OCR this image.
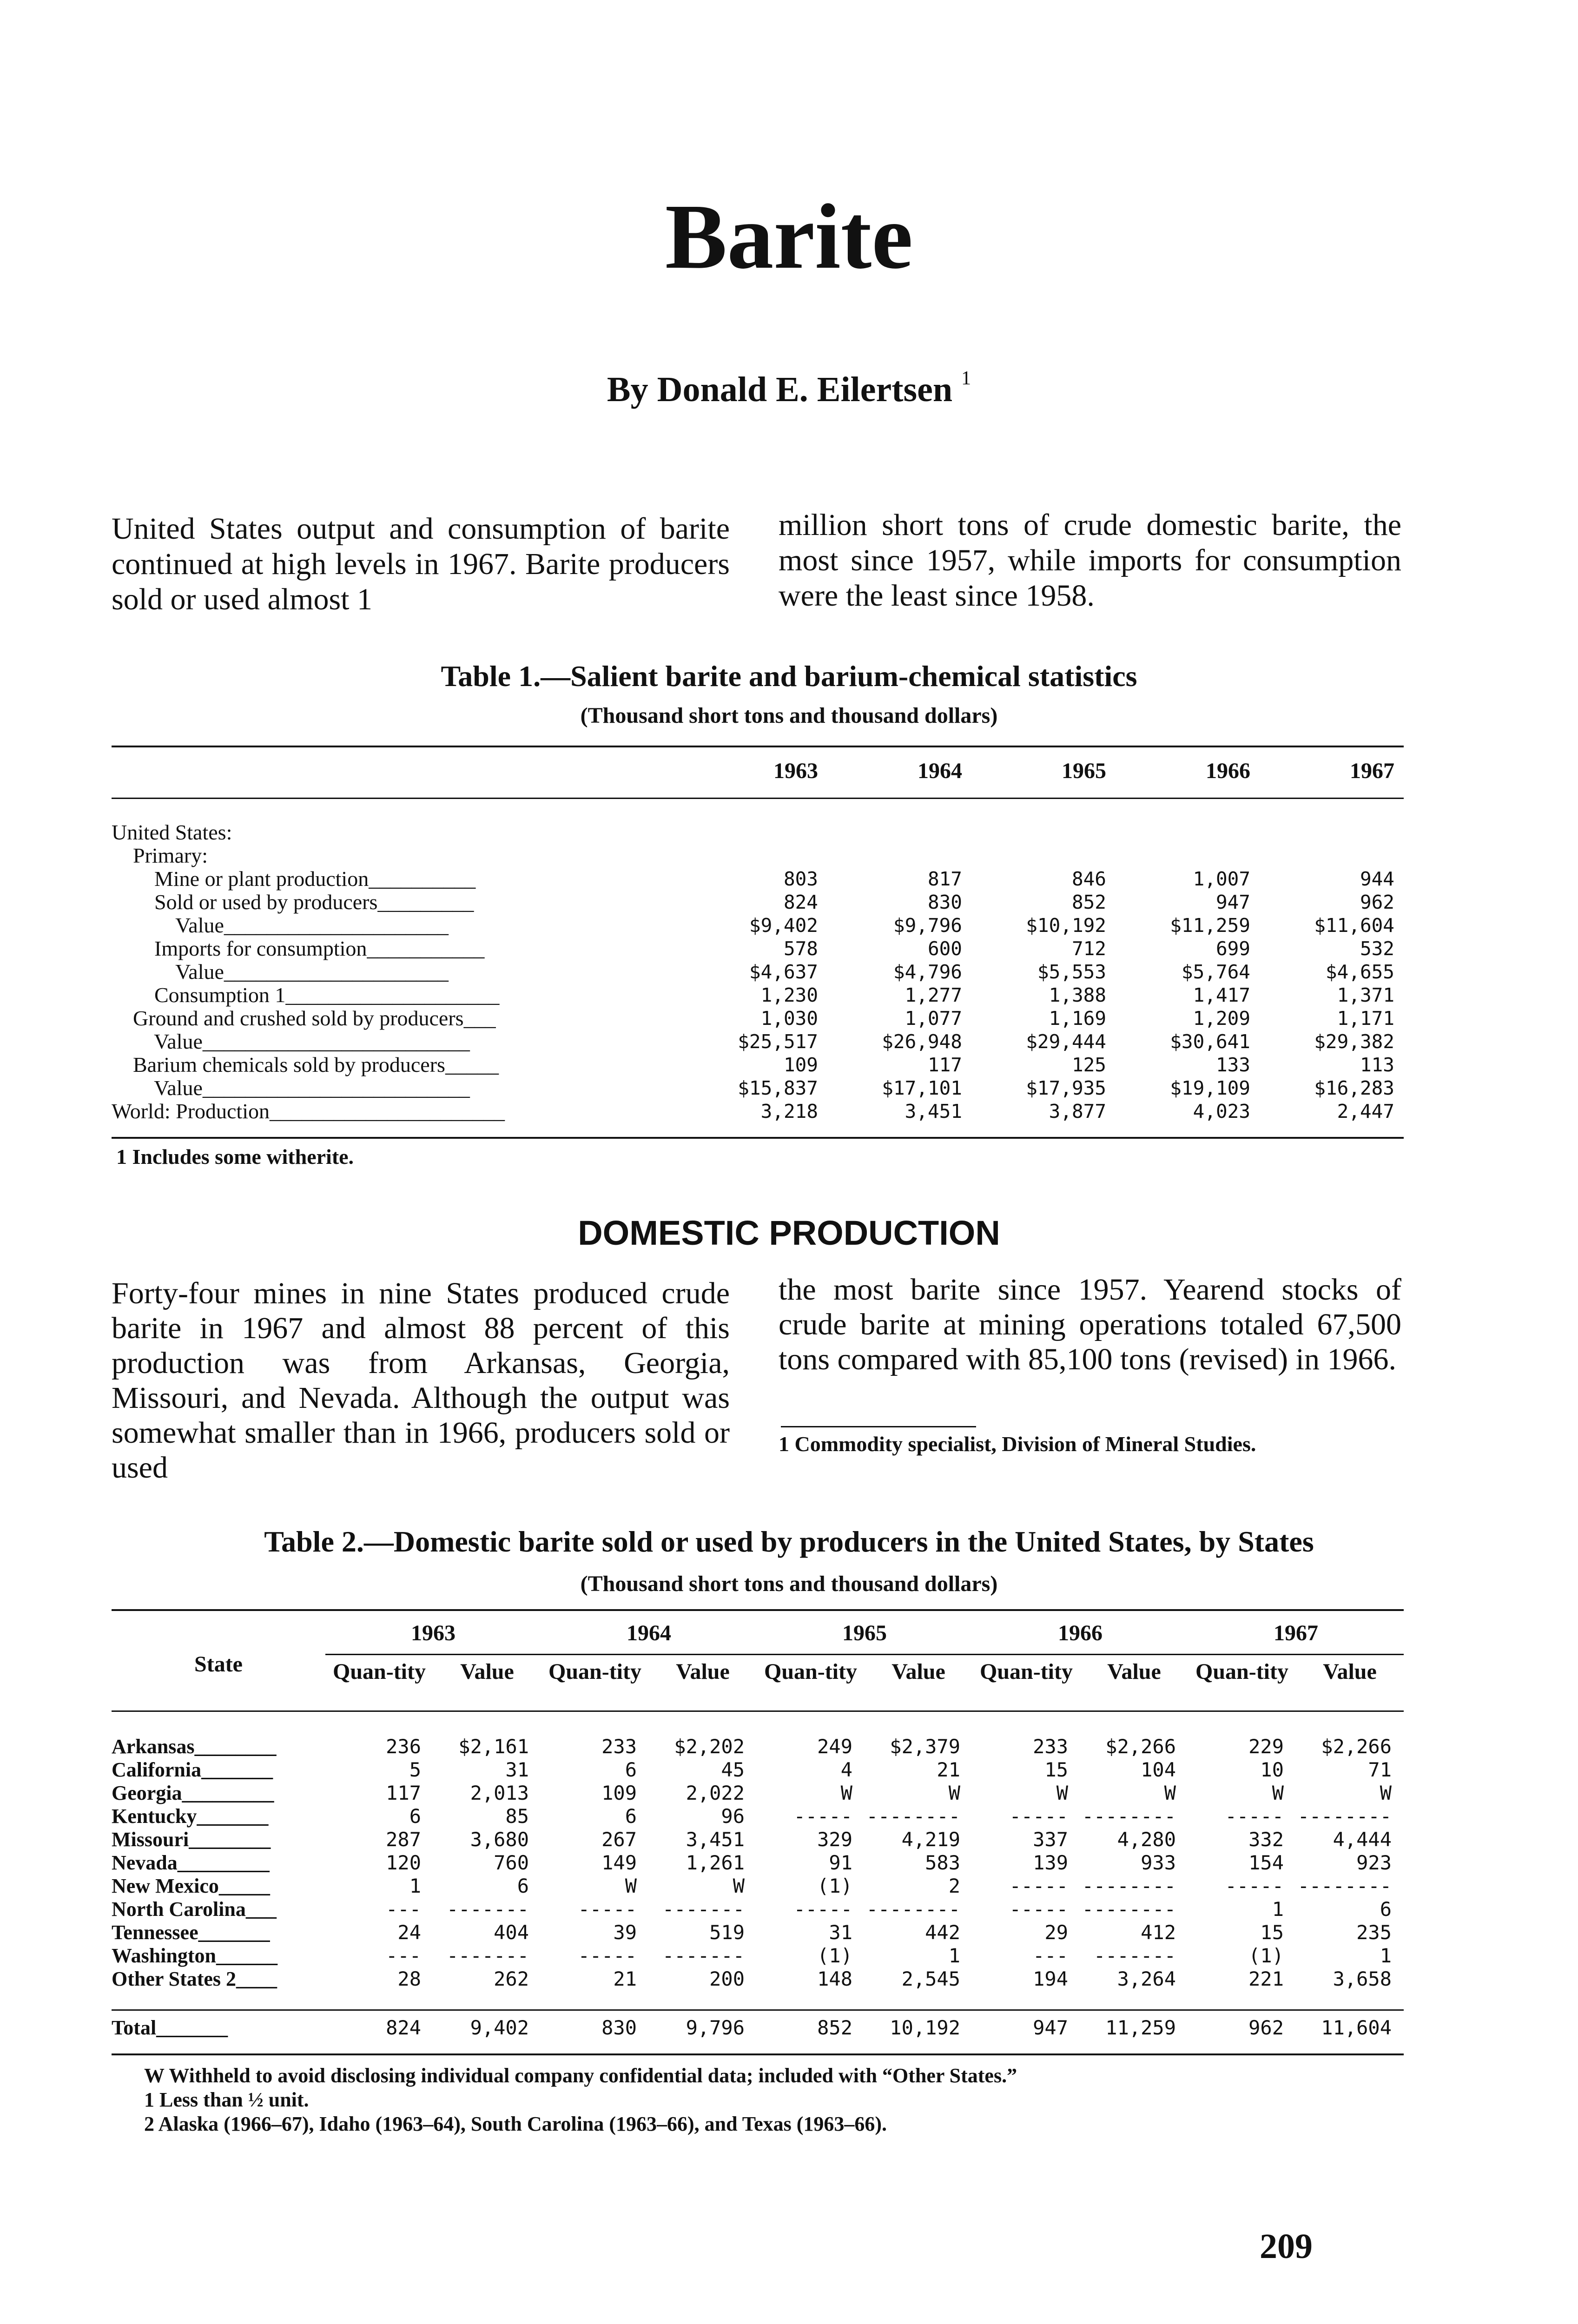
Barite
By Donald E. Eilertsen $^1$
United States output and consumption of barite continued at high levels in 1967. Barite producers sold or used almost 1
million short tons of crude domestic barite, the most since 1957, while imports for consumption were the least since 1958.
Table 1.—Salient barite and barium-chemical statistics
(Thousand short tons and thousand dollars)
	1963	1964	1965	1966	1967

United States:					
Primary:					
Mine or plant production__________	803	817	846	1,007	944
Sold or used by producers_________	824	830	852	947	962
Value_____________________	$9,402	$9,796	$10,192	$11,259	$11,604
Imports for consumption___________	578	600	712	699	532
Value_____________________	$4,637	$4,796	$5,553	$5,764	$4,655
Consumption 1____________________	1,230	1,277	1,388	1,417	1,371
Ground and crushed sold by producers___	1,030	1,077	1,169	1,209	1,171
Value_________________________	$25,517	$26,948	$29,444	$30,641	$29,382
Barium chemicals sold by producers_____	109	117	125	133	113
Value_________________________	$15,837	$17,101	$17,935	$19,109	$16,283
World: Production______________________	3,218	3,451	3,877	4,023	2,447
1 Includes some witherite.
DOMESTIC PRODUCTION
Forty-four mines in nine States produced crude barite in 1967 and almost 88 percent of this production was from Arkansas, Georgia, Missouri, and Nevada. Although the output was somewhat smaller than in 1966, producers sold or used
the most barite since 1957. Yearend stocks of crude barite at mining operations totaled 67,500 tons compared with 85,100 tons (revised) in 1966.
1 Commodity specialist, Division of Mineral Studies.
Table 2.—Domestic barite sold or used by producers in the United States, by States
(Thousand short tons and thousand dollars)
State	1963		1964		1965		1966		1967	
	Quan-tity	Value	Quan-tity	Value	Quan-tity	Value	Quan-tity	Value	Quan-tity	Value

Arkansas________	236	$2,161	233	$2,202	249	$2,379	233	$2,266	229	$2,266
California_______	5	31	6	45	4	21	15	104	10	71
Georgia_________	117	2,013	109	2,022	W	W	W	W	W	W
Kentucky_______	6	85	6	96	-----	--------	-----	--------	-----	--------
Missouri________	287	3,680	267	3,451	329	4,219	337	4,280	332	4,444
Nevada_________	120	760	149	1,261	91	583	139	933	154	923
New Mexico_____	1	6	W	W	(1)	2	-----	--------	-----	--------
North Carolina___	---	-------	-----	-------	-----	--------	-----	--------	1	6
Tennessee_______	24	404	39	519	31	442	29	412	15	235
Washington______	---	-------	-----	-------	(1)	1	---	-------	(1)	1
Other States 2____	28	262	21	200	148	2,545	194	3,264	221	3,658

Total_______	824	9,402	830	9,796	852	10,192	947	11,259	962	11,604
W Withheld to avoid disclosing individual company confidential data; included with “Other States.”
1 Less than ½ unit.
2 Alaska (1966–67), Idaho (1963–64), South Carolina (1963–66), and Texas (1963–66).
209
